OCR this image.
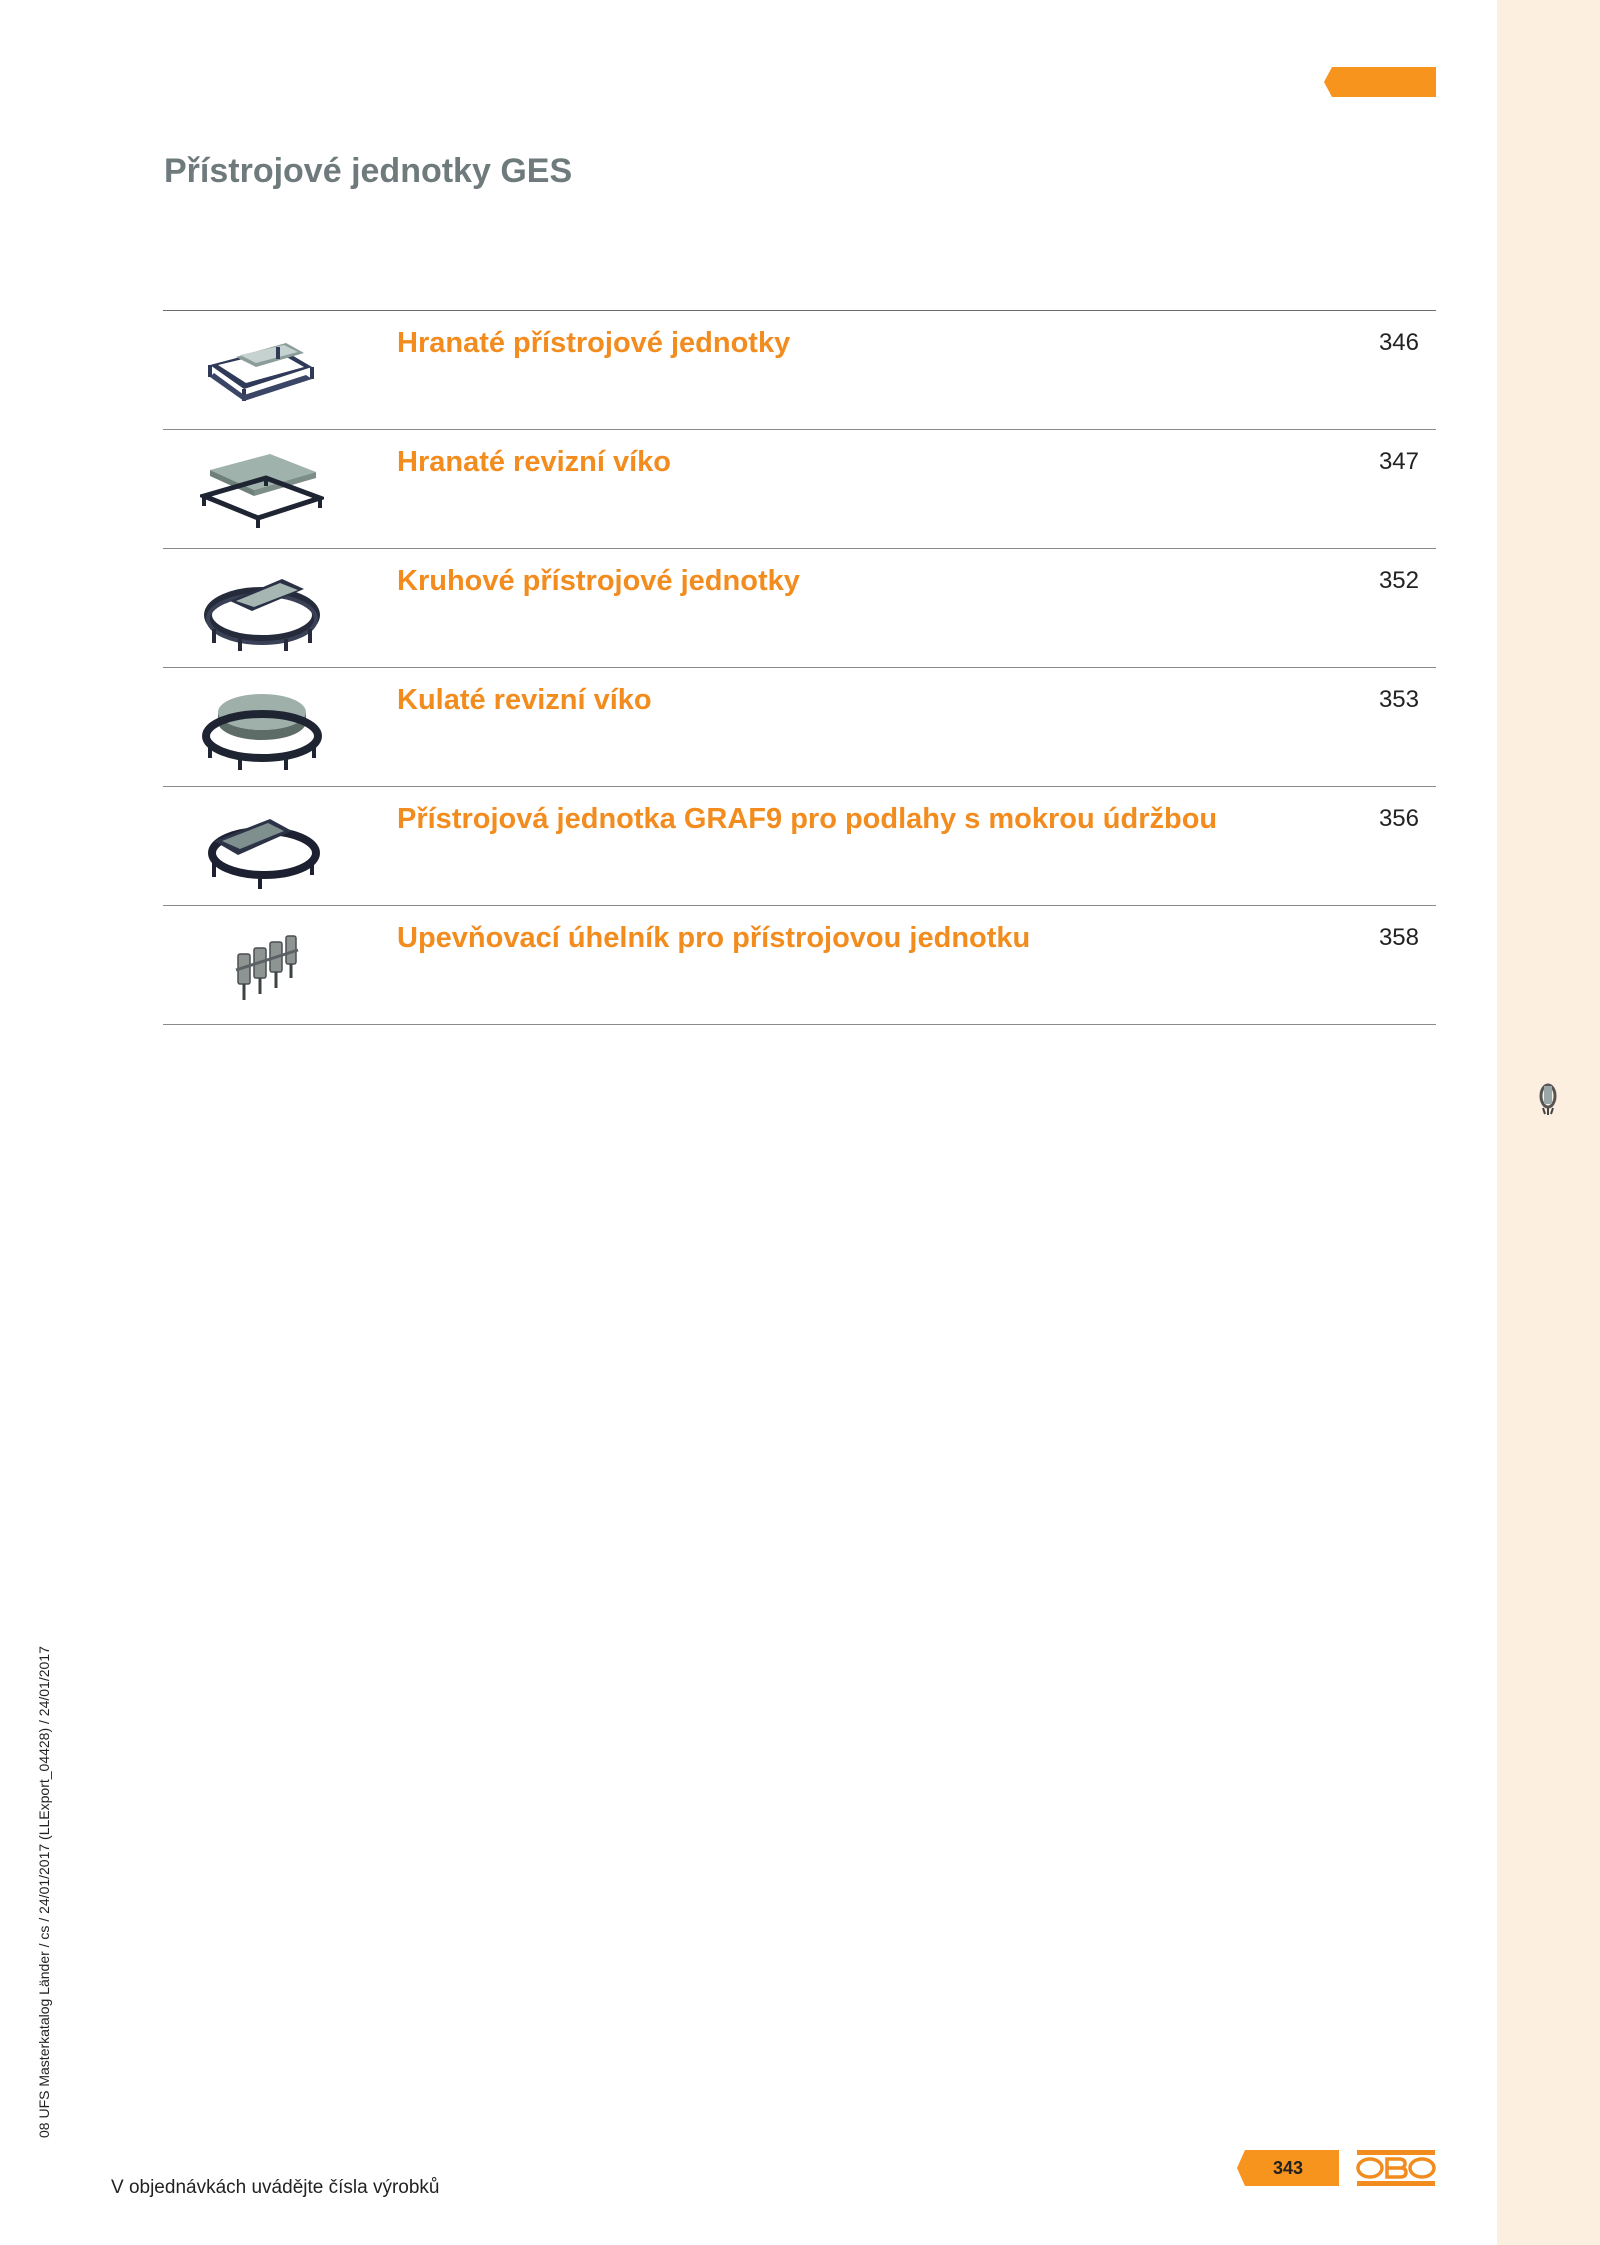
Přístrojové jednotky GES
Hranaté přístrojové jednotky	346
Hranaté revizní víko	347
Kruhové přístrojové jednotky	352
Kulaté revizní víko	353
Přístrojová jednotka GRAF9 pro podlahy s mokrou údržbou	356
Upevňovací úhelník pro přístrojovou jednotku	358
08 UFS Masterkatalog Länder / cs / 24/01/2017 (LLExport_04428) / 24/01/2017
V objednávkách uvádějte čísla výrobků
343
